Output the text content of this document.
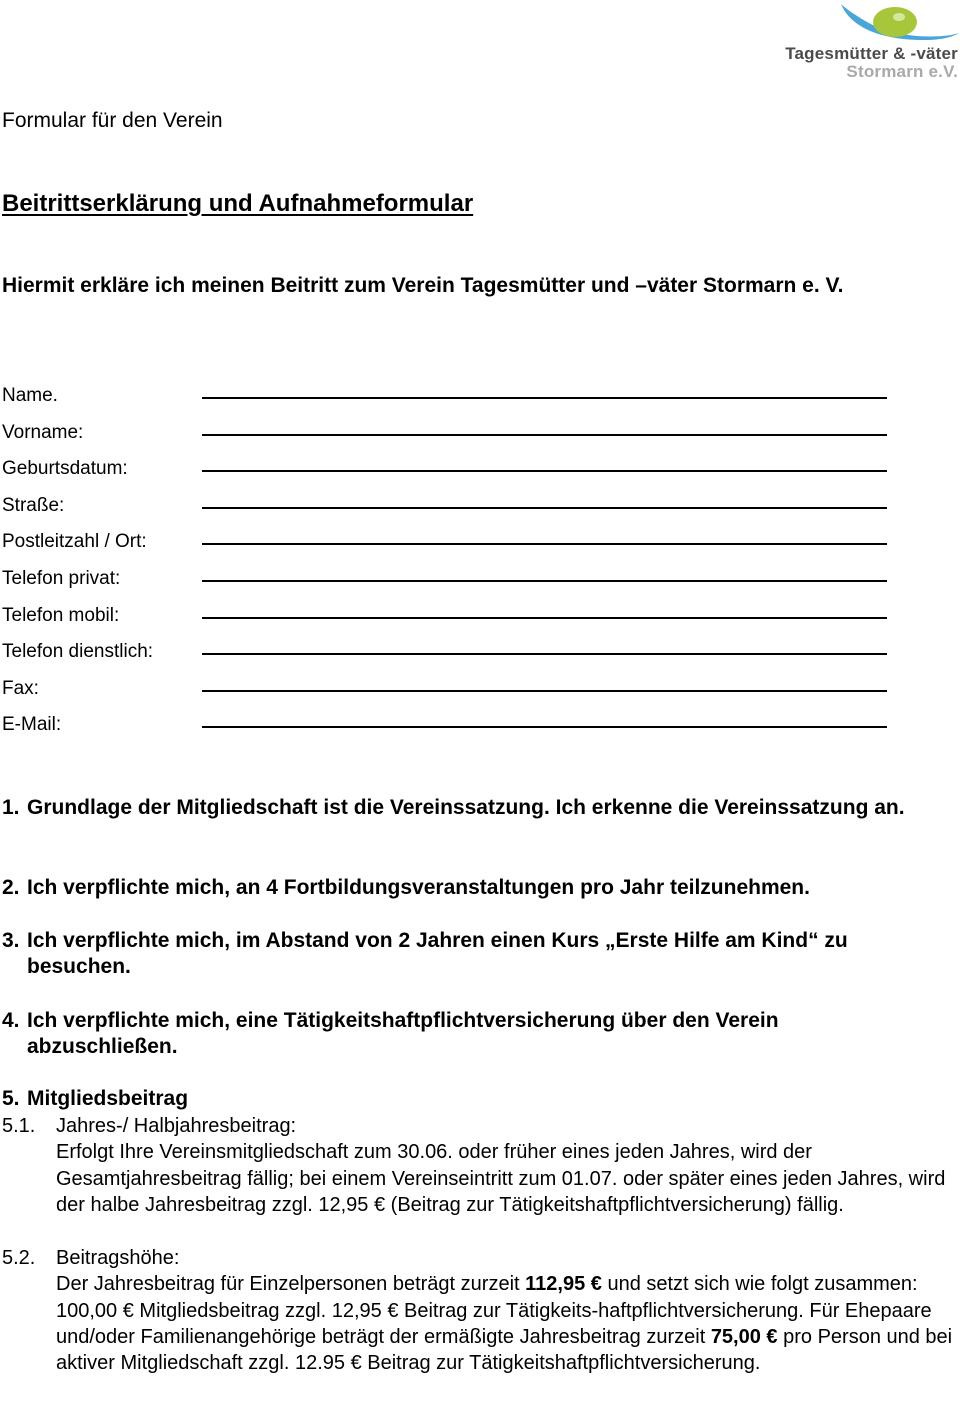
Tagesmütter & -väter
Stormarn e.V.
Formular für den Verein
Beitrittserklärung und Aufnahmeformular
Hiermit erkläre ich meinen Beitritt zum Verein Tagesmütter und –väter Stormarn e. V.
Name.
Vorname:
Geburtsdatum:
Straße:
Postleitzahl / Ort:
Telefon privat:
Telefon mobil:
Telefon dienstlich:
Fax:
E-Mail:
1. Grundlage der Mitgliedschaft ist die Vereinssatzung. Ich erkenne die Vereinssatzung an.
2. Ich verpflichte mich, an 4 Fortbildungsveranstaltungen pro Jahr teilzunehmen.
3. Ich verpflichte mich, im Abstand von 2 Jahren einen Kurs „Erste Hilfe am Kind“ zu besuchen.
4. Ich verpflichte mich, eine Tätigkeitshaftpflichtversicherung über den Verein abzuschließen.
5. Mitgliedsbeitrag
5.1.	Jahres-/ Halbjahresbeitrag:
Erfolgt Ihre Vereinsmitgliedschaft zum 30.06. oder früher eines jeden Jahres, wird der Gesamtjahresbeitrag fällig; bei einem Vereinseintritt zum 01.07. oder später eines jeden Jahres, wird der halbe Jahresbeitrag zzgl. 12,95 € (Beitrag zur Tätigkeitshaftpflichtversicherung) fällig.
5.2.	Beitragshöhe:
Der Jahresbeitrag für Einzelpersonen beträgt zurzeit 112,95 € und setzt sich wie folgt zusammen: 100,00 € Mitgliedsbeitrag zzgl. 12,95 € Beitrag zur Tätigkeits-haftpflichtversicherung. Für Ehepaare und/oder Familienangehörige beträgt der ermäßigte Jahresbeitrag zurzeit 75,00 € pro Person und bei aktiver Mitgliedschaft zzgl. 12.95 € Beitrag zur Tätigkeitshaftpflichtversicherung.
